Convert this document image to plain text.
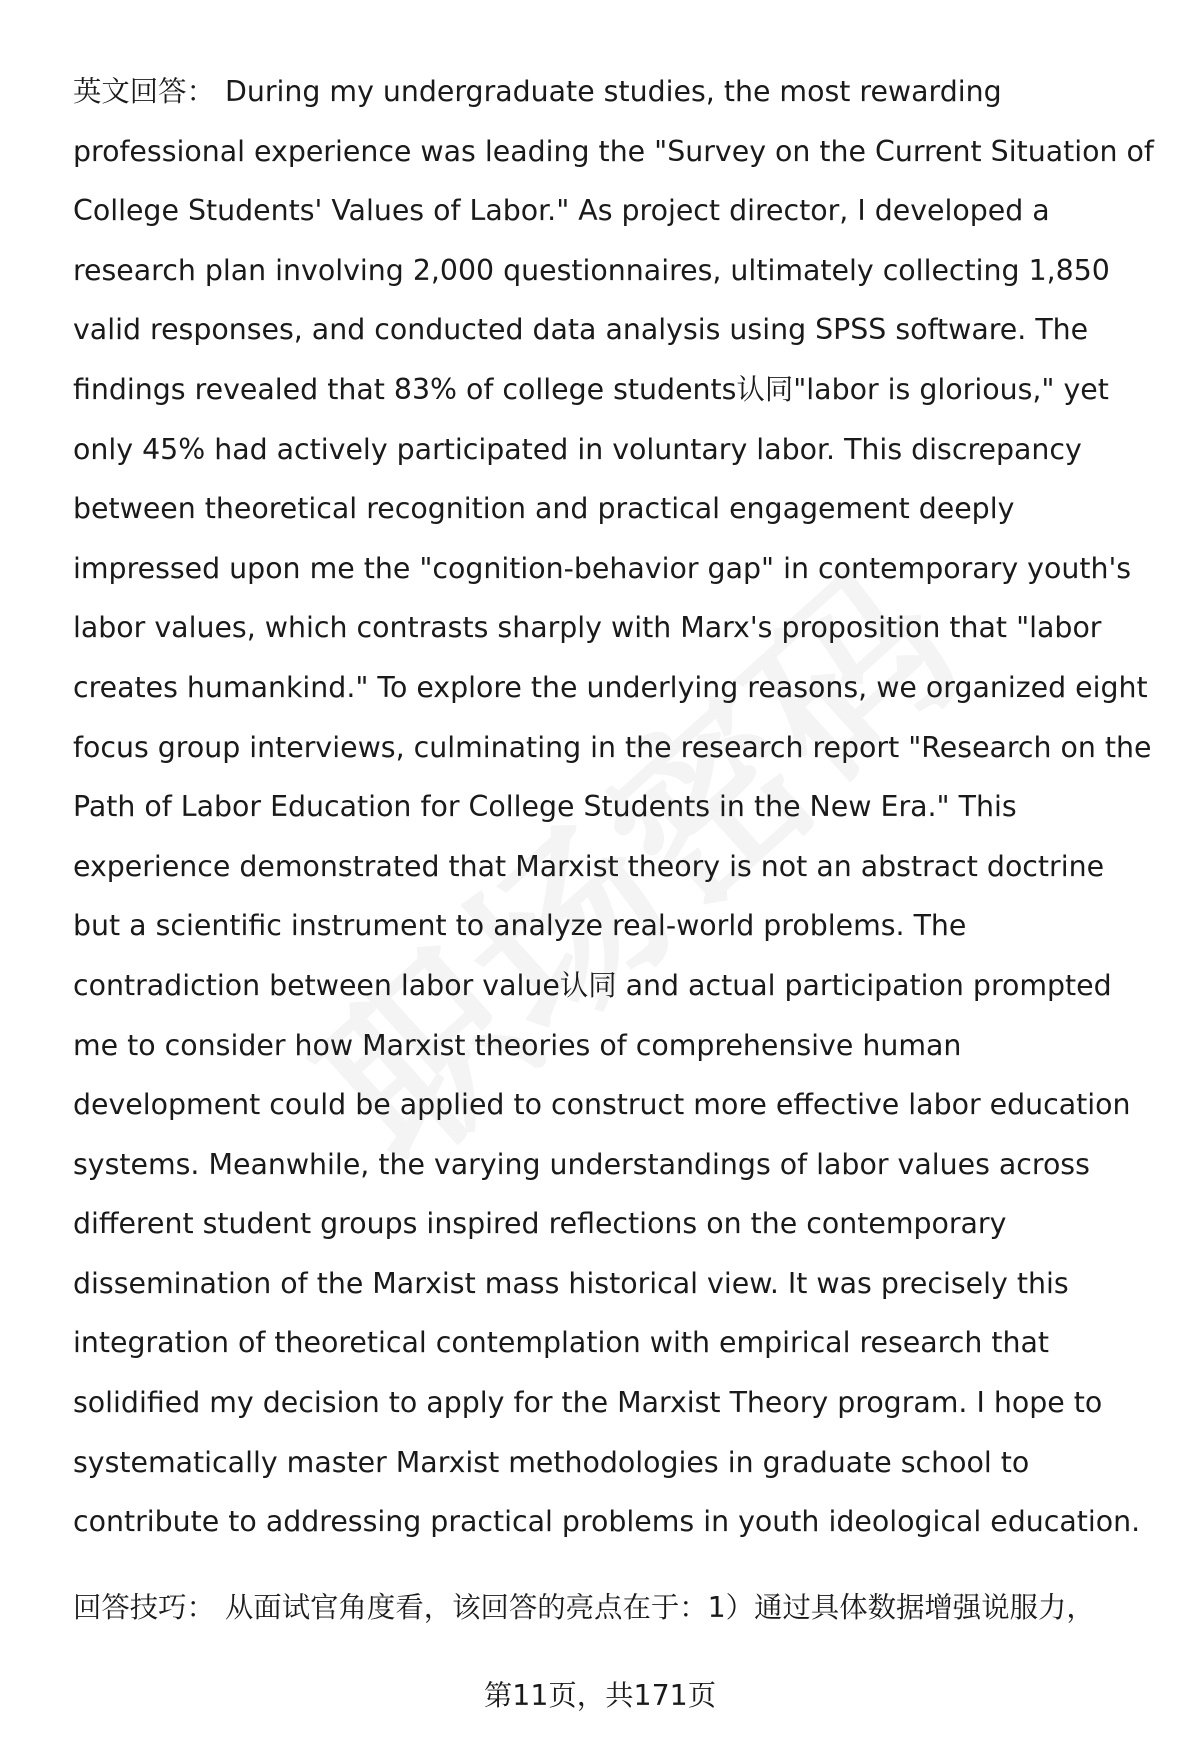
英文回答： During my undergraduate studies, the most rewarding
professional experience was leading the "Survey on the Current Situation of
College Students' Values of Labor." As project director, I developed a
research plan involving 2,000 questionnaires, ultimately collecting 1,850
valid responses, and conducted data analysis using SPSS software. The
findings revealed that 83% of college students认同"labor is glorious," yet
only 45% had actively participated in voluntary labor. This discrepancy
between theoretical recognition and practical engagement deeply
impressed upon me the "cognition-behavior gap" in contemporary youth's
labor values, which contrasts sharply with Marx's proposition that "labor
creates humankind." To explore the underlying reasons, we organized eight
focus group interviews, culminating in the research report "Research on the
Path of Labor Education for College Students in the New Era." This
experience demonstrated that Marxist theory is not an abstract doctrine
but a scientific instrument to analyze real-world problems. The
contradiction between labor value认同 and actual participation prompted
me to consider how Marxist theories of comprehensive human
development could be applied to construct more effective labor education
systems. Meanwhile, the varying understandings of labor values across
different student groups inspired reflections on the contemporary
dissemination of the Marxist mass historical view. It was precisely this
integration of theoretical contemplation with empirical research that
solidified my decision to apply for the Marxist Theory program. I hope to
systematically master Marxist methodologies in graduate school to
contribute to addressing practical problems in youth ideological education.
回答技巧： 从面试官角度看，该回答的亮点在于：1）通过具体数据增强说服力，
第11页，共171页
